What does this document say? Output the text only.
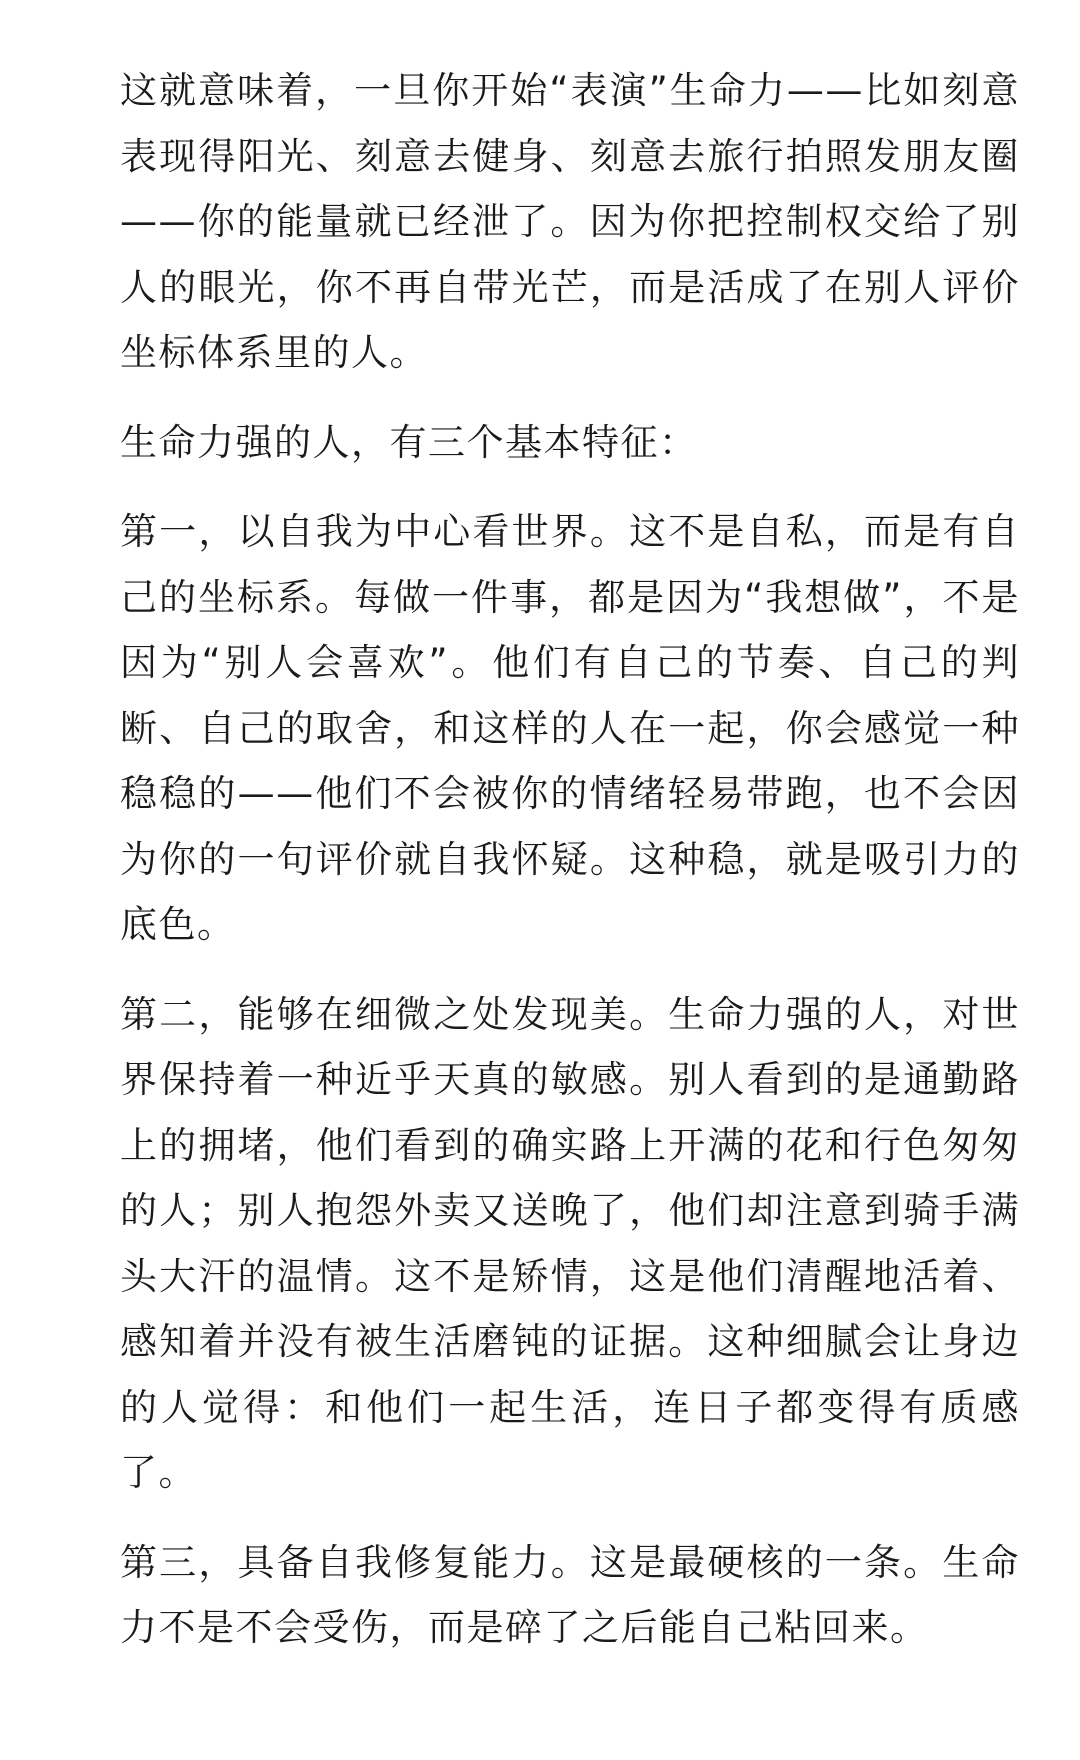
这就意味着，一旦你开始“表演”生命力——比如刻意表现得阳光、刻意去健身、刻意去旅行拍照发朋友圈——你的能量就已经泄了。因为你把控制权交给了别人的眼光，你不再自带光芒，而是活成了在别人评价坐标体系里的人。

生命力强的人，有三个基本特征：

第一，以自我为中心看世界。这不是自私，而是有自己的坐标系。每做一件事，都是因为“我想做”，不是因为“别人会喜欢”。他们有自己的节奏、自己的判断、自己的取舍，和这样的人在一起，你会感觉一种稳稳的——他们不会被你的情绪轻易带跑，也不会因为你的一句评价就自我怀疑。这种稳，就是吸引力的底色。

第二，能够在细微之处发现美。生命力强的人，对世界保持着一种近乎天真的敏感。别人看到的是通勤路上的拥堵，他们看到的确实路上开满的花和行色匆匆的人；别人抱怨外卖又送晚了，他们却注意到骑手满头大汗的温情。这不是矫情，这是他们清醒地活着、感知着并没有被生活磨钝的证据。这种细腻会让身边的人觉得：和他们一起生活，连日子都变得有质感了。

第三，具备自我修复能力。这是最硬核的一条。生命力不是不会受伤，而是碎了之后能自己粘回来。
